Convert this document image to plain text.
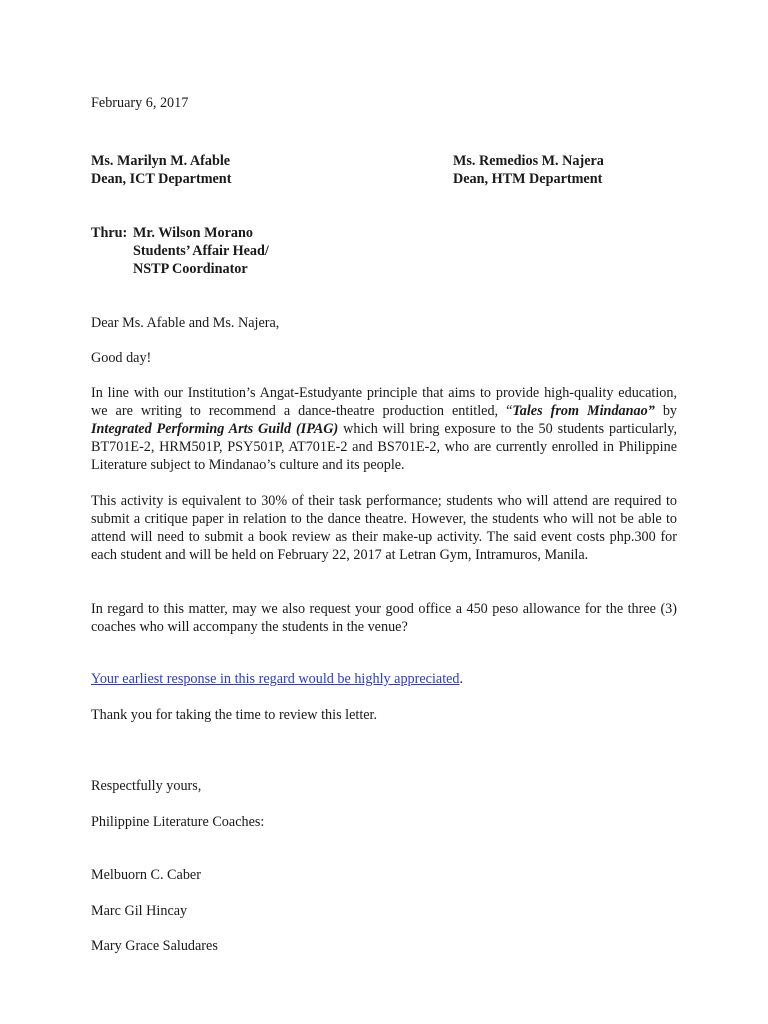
February 6, 2017
Ms. Marilyn M. Afable
Dean, ICT Department
Ms. Remedios M. Najera
Dean, HTM Department
Thru: Mr. Wilson Morano
Students’ Affair Head/
NSTP Coordinator
Dear Ms. Afable and Ms. Najera,
Good day!

In line with our Institution’s Angat-Estudyante principle that aims to provide high-quality education, we are writing to recommend a dance-theatre production entitled, “Tales from Mindanao” by Integrated Performing Arts Guild (IPAG) which will bring exposure to the 50 students particularly, BT701E-2, HRM501P, PSY501P, AT701E-2 and BS701E-2, who are currently enrolled in Philippine Literature subject to Mindanao’s culture and its people.

This activity is equivalent to 30% of their task performance; students who will attend are required to submit a critique paper in relation to the dance theatre. However, the students who will not be able to attend will need to submit a book review as their make-up activity. The said event costs php.300 for each student and will be held on February 22, 2017 at Letran Gym, Intramuros, Manila.

In regard to this matter, may we also request your good office a 450 peso allowance for the three (3) coaches who will accompany the students in the venue?

Your earliest response in this regard would be highly appreciated.
Thank you for taking the time to review this letter.
Respectfully yours,
Philippine Literature Coaches:
Melbuorn C. Caber
Marc Gil Hincay
Mary Grace Saludares
